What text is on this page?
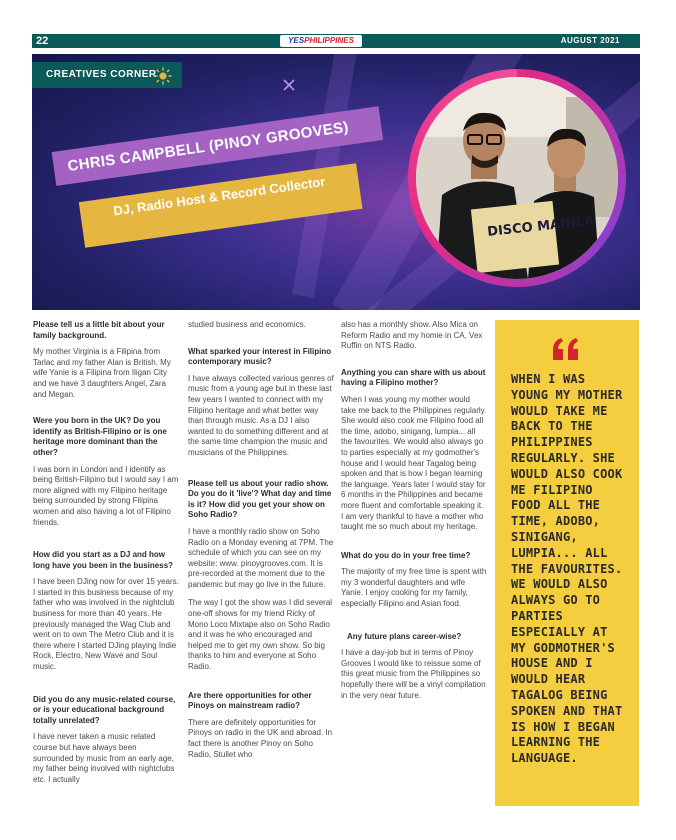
22	YESPHILIPPINES	AUGUST 2021
CREATIVES CORNER
DISCO MANILA
CHRIS CAMPBELL (PINOY GROOVES)
DJ, Radio Host & Record Collector
Please tell us a little bit about your family background.
My mother Virginia is a Filipina from Tarlac and my father Alan is British. My wife Yanie is a Filipina from Iligan City and we have 3 daughters Angel, Zara and Megan.
Were you born in the UK? Do you identify as British-Filipino or is one heritage more dominant than the other?
I was born in London and I identify as being British-Filipino but I would say I am more aligned with my Filipino heritage being surrounded by strong Filipina women and also having a lot of Filipino friends.
How did you start as a DJ and how long have you been in the business?
I have been DJing now for over 15 years. I started in this business because of my father who was involved in the nightclub business for more than 40 years. He previously managed the Wag Club and went on to own The Metro Club and it is there where I started DJing playing Indie Rock, Electro, New Wave and Soul music.
Did you do any music-related course, or is your educational background totally unrelated?
I have never taken a music related course but have always been surrounded by music from an early age, my father being involved with nightclubs etc. I actually
studied business and economics.
What sparked your interest in Filipino contemporary music?
I have always collected various genres of music from a young age but in these last few years I wanted to connect with my Filipino heritage and what better way than through music. As a DJ I also wanted to do something different and at the same time champion the music and musicians of the Philippines.
Please tell us about your radio show. Do you do it 'live'? What day and time is it? How did you get your show on Soho Radio?
I have a monthly radio show on Soho Radio on a Monday evening at 7PM. The schedule of which you can see on my website: www. pinoygrooves.com. It is pre-recorded at the moment due to the pandemic but may go live in the future.
The way I got the show was I did several one-off shows for my friend Ricky of Mono Loco Mixtape also on Soho Radio and it was he who encouraged and helped me to get my own show. So big thanks to him and everyone at Soho Radio.
Are there opportunities for other Pinoys on mainstream radio?
There are definitely opportunities for Pinoys on radio in the UK and abroad. In fact there is another Pinoy on Soho Radio, Stullet who
also has a monthly show. Also Mica on Reform Radio and my homie in CA, Vex Ruffin on NTS Radio.
Anything you can share with us about having a Filipino mother?
When I was young my mother would take me back to the Philippines regularly. She would also cook me Filipino food all the time, adobo, sinigang, lumpia... all the favourites. We would also always go to parties especially at my godmother's house and I would hear Tagalog being spoken and that is how I began learning the language. Years later I would stay for 6 months in the Philippines and became more fluent and comfortable speaking it. I am very thankful to have a mother who taught me so much about my heritage.
What do you do in your free time?
The majority of my free time is spent with my 3 wonderful daughters and wife Yanie. I enjoy cooking for my family, especially Filipino and Asian food.
Any future plans career-wise?
I have a day-job but in terms of Pinoy Grooves I would like to reissue some of this great music from the Philippines so hopefully there will be a vinyl compilation in the very near future.
WHEN I WAS YOUNG MY MOTHER WOULD TAKE ME BACK TO THE PHILIPPINES REGULARLY. SHE WOULD ALSO COOK ME FILIPINO FOOD ALL THE TIME, ADOBO, SINIGANG, LUMPIA... ALL THE FAVOURITES. WE WOULD ALSO ALWAYS GO TO PARTIES ESPECIALLY AT MY GODMOTHER'S HOUSE AND I WOULD HEAR TAGALOG BEING SPOKEN AND THAT IS HOW I BEGAN LEARNING THE LANGUAGE.
